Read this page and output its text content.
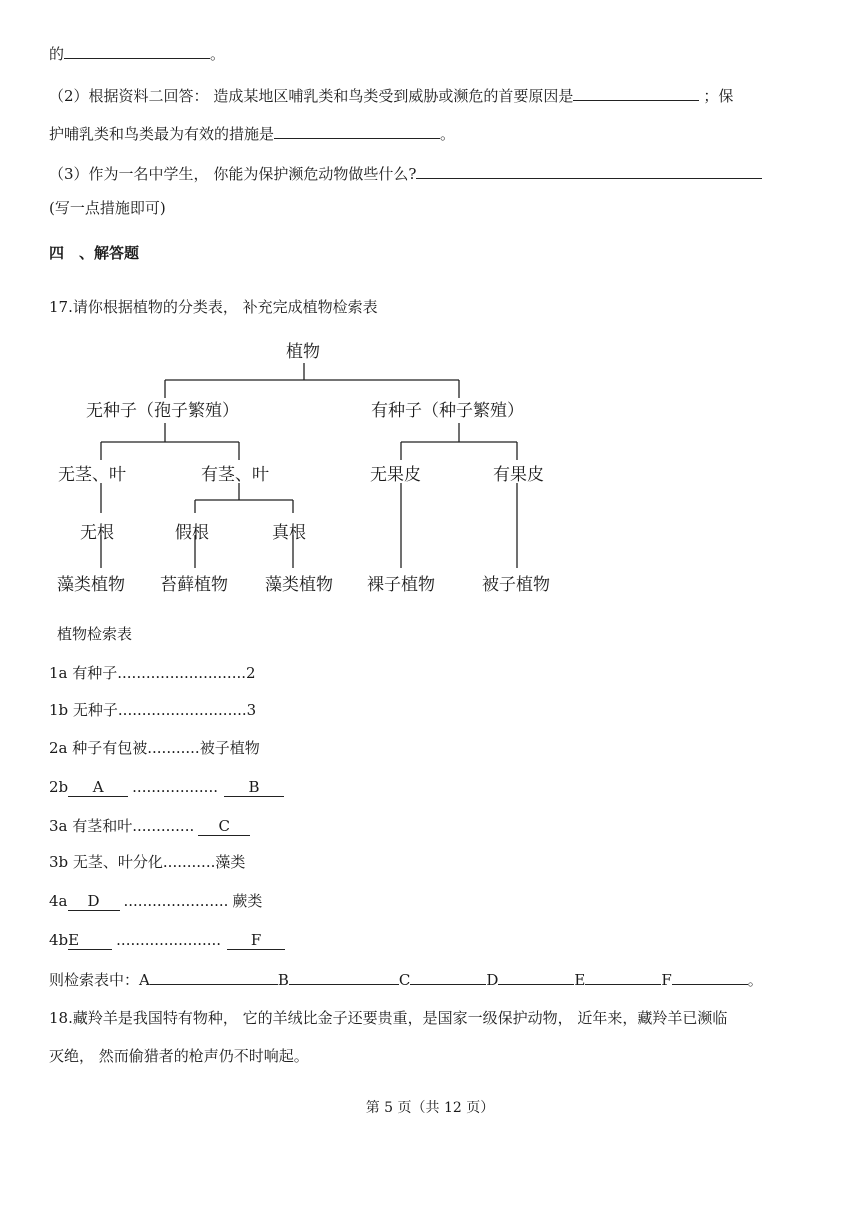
的	。
（2）根据资料二回答： 造成某地区哺乳类和鸟类受到威胁或濒危的首要原因是	；保
护哺乳类和鸟类最为有效的措施是	。
（3）作为一名中学生， 你能为保护濒危动物做些什么?
(写一点措施即可)
四　、解答题
17.请你根据植物的分类表， 补充完成植物检索表
植物
无种子（孢子繁殖）	有种子（种子繁殖）
无茎、叶	有茎、叶	无果皮	有果皮
无根	假根	真根
藻类植物 苔藓植物 藻类植物 裸子植物	被子植物
植物检索表
1a 有种子...........................2
1b 无种子...........................3
2a 种子有包被...........被子植物
2b A .................. B
3a 有茎和叶............. C
3b 无茎、叶分化...........藻类
4a D ...................... 蕨类
4bE ...................... F
则检索表中：A	B	C	D	E	F	。
18.藏羚羊是我国特有物种， 它的羊绒比金子还要贵重，是国家一级保护动物， 近年来，藏羚羊已濒临
灭绝， 然而偷猎者的枪声仍不时响起。
第 5 页（共 12 页）
